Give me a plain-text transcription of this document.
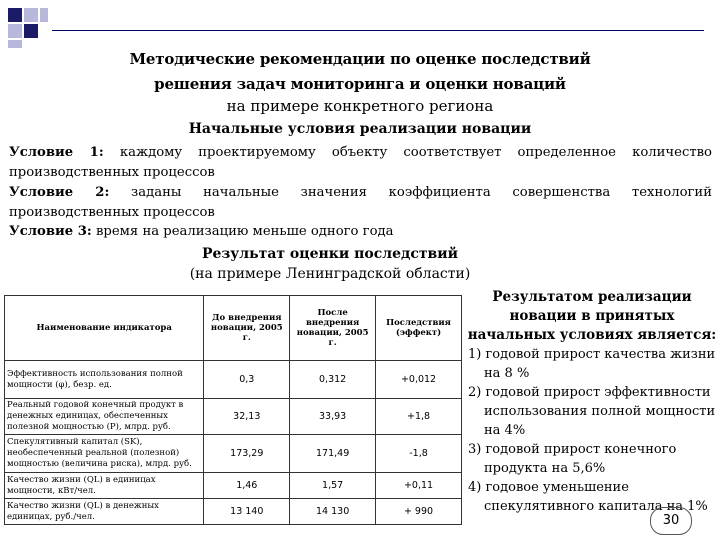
Методические рекомендации по оценке последствий
решения задач мониторинга и оценки новаций
на примере конкретного региона
Начальные условия реализации новации
Условие 1: каждому проектируемому объекту соответствует определенное количество производственных процессов
Условие 2: заданы начальные значения коэффициента совершенства технологий производственных процессов
Условие 3: время на реализацию меньше одного года
Результат оценки последствий
(на примере Ленинградской области)
Наименование индикатора	До внедрения новации, 2005 г.	После внедрения новации, 2005 г.	Последствия (эффект)
Эффективность использования полной мощности (φ), безр. ед.	0,3	0,312	+0,012
Реальный годовой конечный продукт в денежных единицах, обеспеченных полезной мощностью (P), млрд. руб.	32,13	33,93	+1,8
Спекулятивный капитал (SK), необеспеченный реальной (полезной) мощностью (величина риска), млрд. руб.	173,29	171,49	-1,8
Качество жизни (QL) в единицах мощности, кВт/чел.	1,46	1,57	+0,11
Качество жизни (QL) в денежных единицах, руб./чел.	13 140	14 130	+ 990
Результатом реализации новации в принятых начальных условиях является:
1) годовой прирост качества жизни на 8 %
2) годовой прирост эффективности использования полной мощности на 4%
3) годовой прирост конечного продукта на 5,6%
4) годовое уменьшение спекулятивного капитала на 1%
30
